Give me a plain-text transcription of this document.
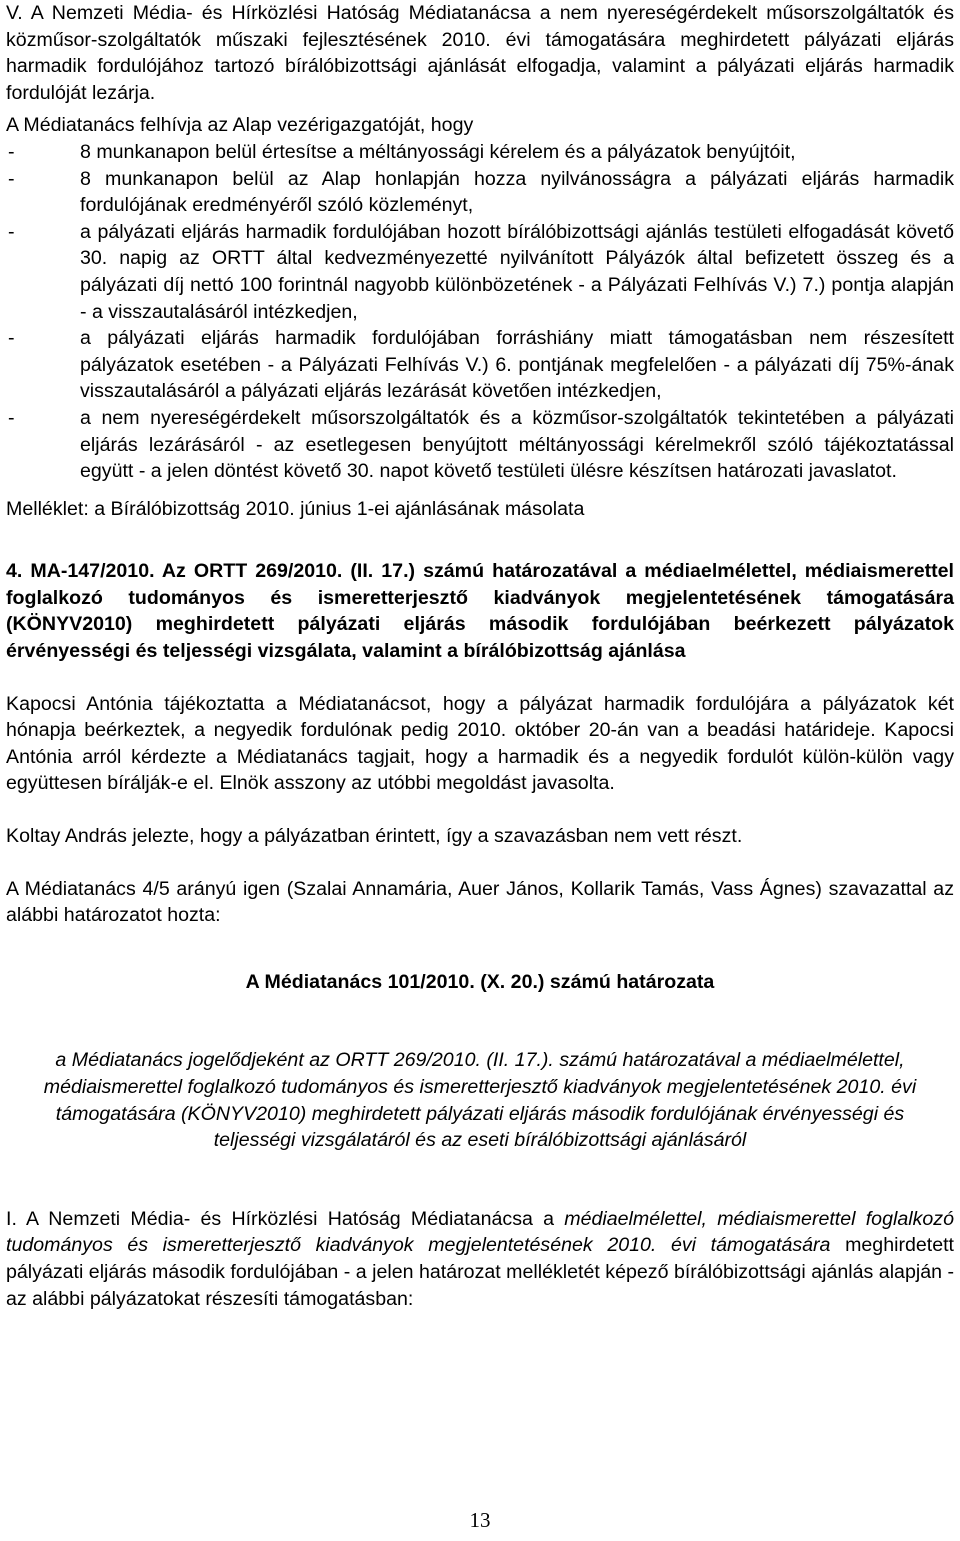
V. A Nemzeti Média- és Hírközlési Hatóság Médiatanácsa a nem nyereségérdekelt műsorszolgáltatók és közműsor-szolgáltatók műszaki fejlesztésének 2010. évi támogatására meghirdetett pályázati eljárás harmadik fordulójához tartozó bírálóbizottsági ajánlását elfogadja, valamint a pályázati eljárás harmadik fordulóját lezárja.

A Médiatanács felhívja az Alap vezérigazgatóját, hogy

-	8 munkanapon belül értesítse a méltányossági kérelem és a pályázatok benyújtóit,
-	8 munkanapon belül az Alap honlapján hozza nyilvánosságra a pályázati eljárás harmadik fordulójának eredményéről szóló közleményt,
-	a pályázati eljárás harmadik fordulójában hozott bírálóbizottsági ajánlás testületi elfogadását követő 30. napig az ORTT által kedvezményezetté nyilvánított Pályázók által befizetett összeg és a pályázati díj nettó 100 forintnál nagyobb különbözetének - a Pályázati Felhívás V.) 7.) pontja alapján - a visszautalásáról intézkedjen,
-	a pályázati eljárás harmadik fordulójában forráshiány miatt támogatásban nem részesített pályázatok esetében - a Pályázati Felhívás V.) 6. pontjának megfelelően - a pályázati díj 75%-ának visszautalásáról a pályázati eljárás lezárását követően intézkedjen,
-	a nem nyereségérdekelt műsorszolgáltatók és a közműsor-szolgáltatók tekintetében a pályázati eljárás lezárásáról - az esetlegesen benyújtott méltányossági kérelmekről szóló tájékoztatással együtt - a jelen döntést követő 30. napot követő testületi ülésre készítsen határozati javaslatot.

Melléklet: a Bírálóbizottság 2010. június 1-ei ajánlásának másolata

4. MA-147/2010. Az ORTT 269/2010. (II. 17.) számú határozatával a médiaelmélettel, médiaismerettel foglalkozó tudományos és ismeretterjesztő kiadványok megjelentetésének támogatására (KÖNYV2010) meghirdetett pályázati eljárás második fordulójában beérkezett pályázatok érvényességi és teljességi vizsgálata, valamint a bírálóbizottság ajánlása

Kapocsi Antónia tájékoztatta a Médiatanácsot, hogy a pályázat harmadik fordulójára a pályázatok két hónapja beérkeztek, a negyedik fordulónak pedig 2010. október 20-án van a beadási határideje. Kapocsi Antónia arról kérdezte a Médiatanács tagjait, hogy a harmadik és a negyedik fordulót külön-külön vagy együttesen bírálják-e el. Elnök asszony az utóbbi megoldást javasolta.

Koltay András jelezte, hogy a pályázatban érintett, így a szavazásban nem vett részt.

A Médiatanács 4/5 arányú igen (Szalai Annamária, Auer János, Kollarik Tamás, Vass Ágnes) szavazattal az alábbi határozatot hozta:

A Médiatanács 101/2010. (X. 20.) számú határozata

a Médiatanács jogelődjeként az ORTT 269/2010. (II. 17.). számú határozatával a médiaelmélettel, médiaismerettel foglalkozó tudományos és ismeretterjesztő kiadványok megjelentetésének 2010. évi támogatására (KÖNYV2010) meghirdetett pályázati eljárás második fordulójának érvényességi és teljességi vizsgálatáról és az eseti bírálóbizottsági ajánlásáról

I. A Nemzeti Média- és Hírközlési Hatóság Médiatanácsa a médiaelmélettel, médiaismerettel foglalkozó tudományos és ismeretterjesztő kiadványok megjelentetésének 2010. évi támogatására meghirdetett pályázati eljárás második fordulójában - a jelen határozat mellékletét képező bírálóbizottsági ajánlás alapján - az alábbi pályázatokat részesíti támogatásban:

13
